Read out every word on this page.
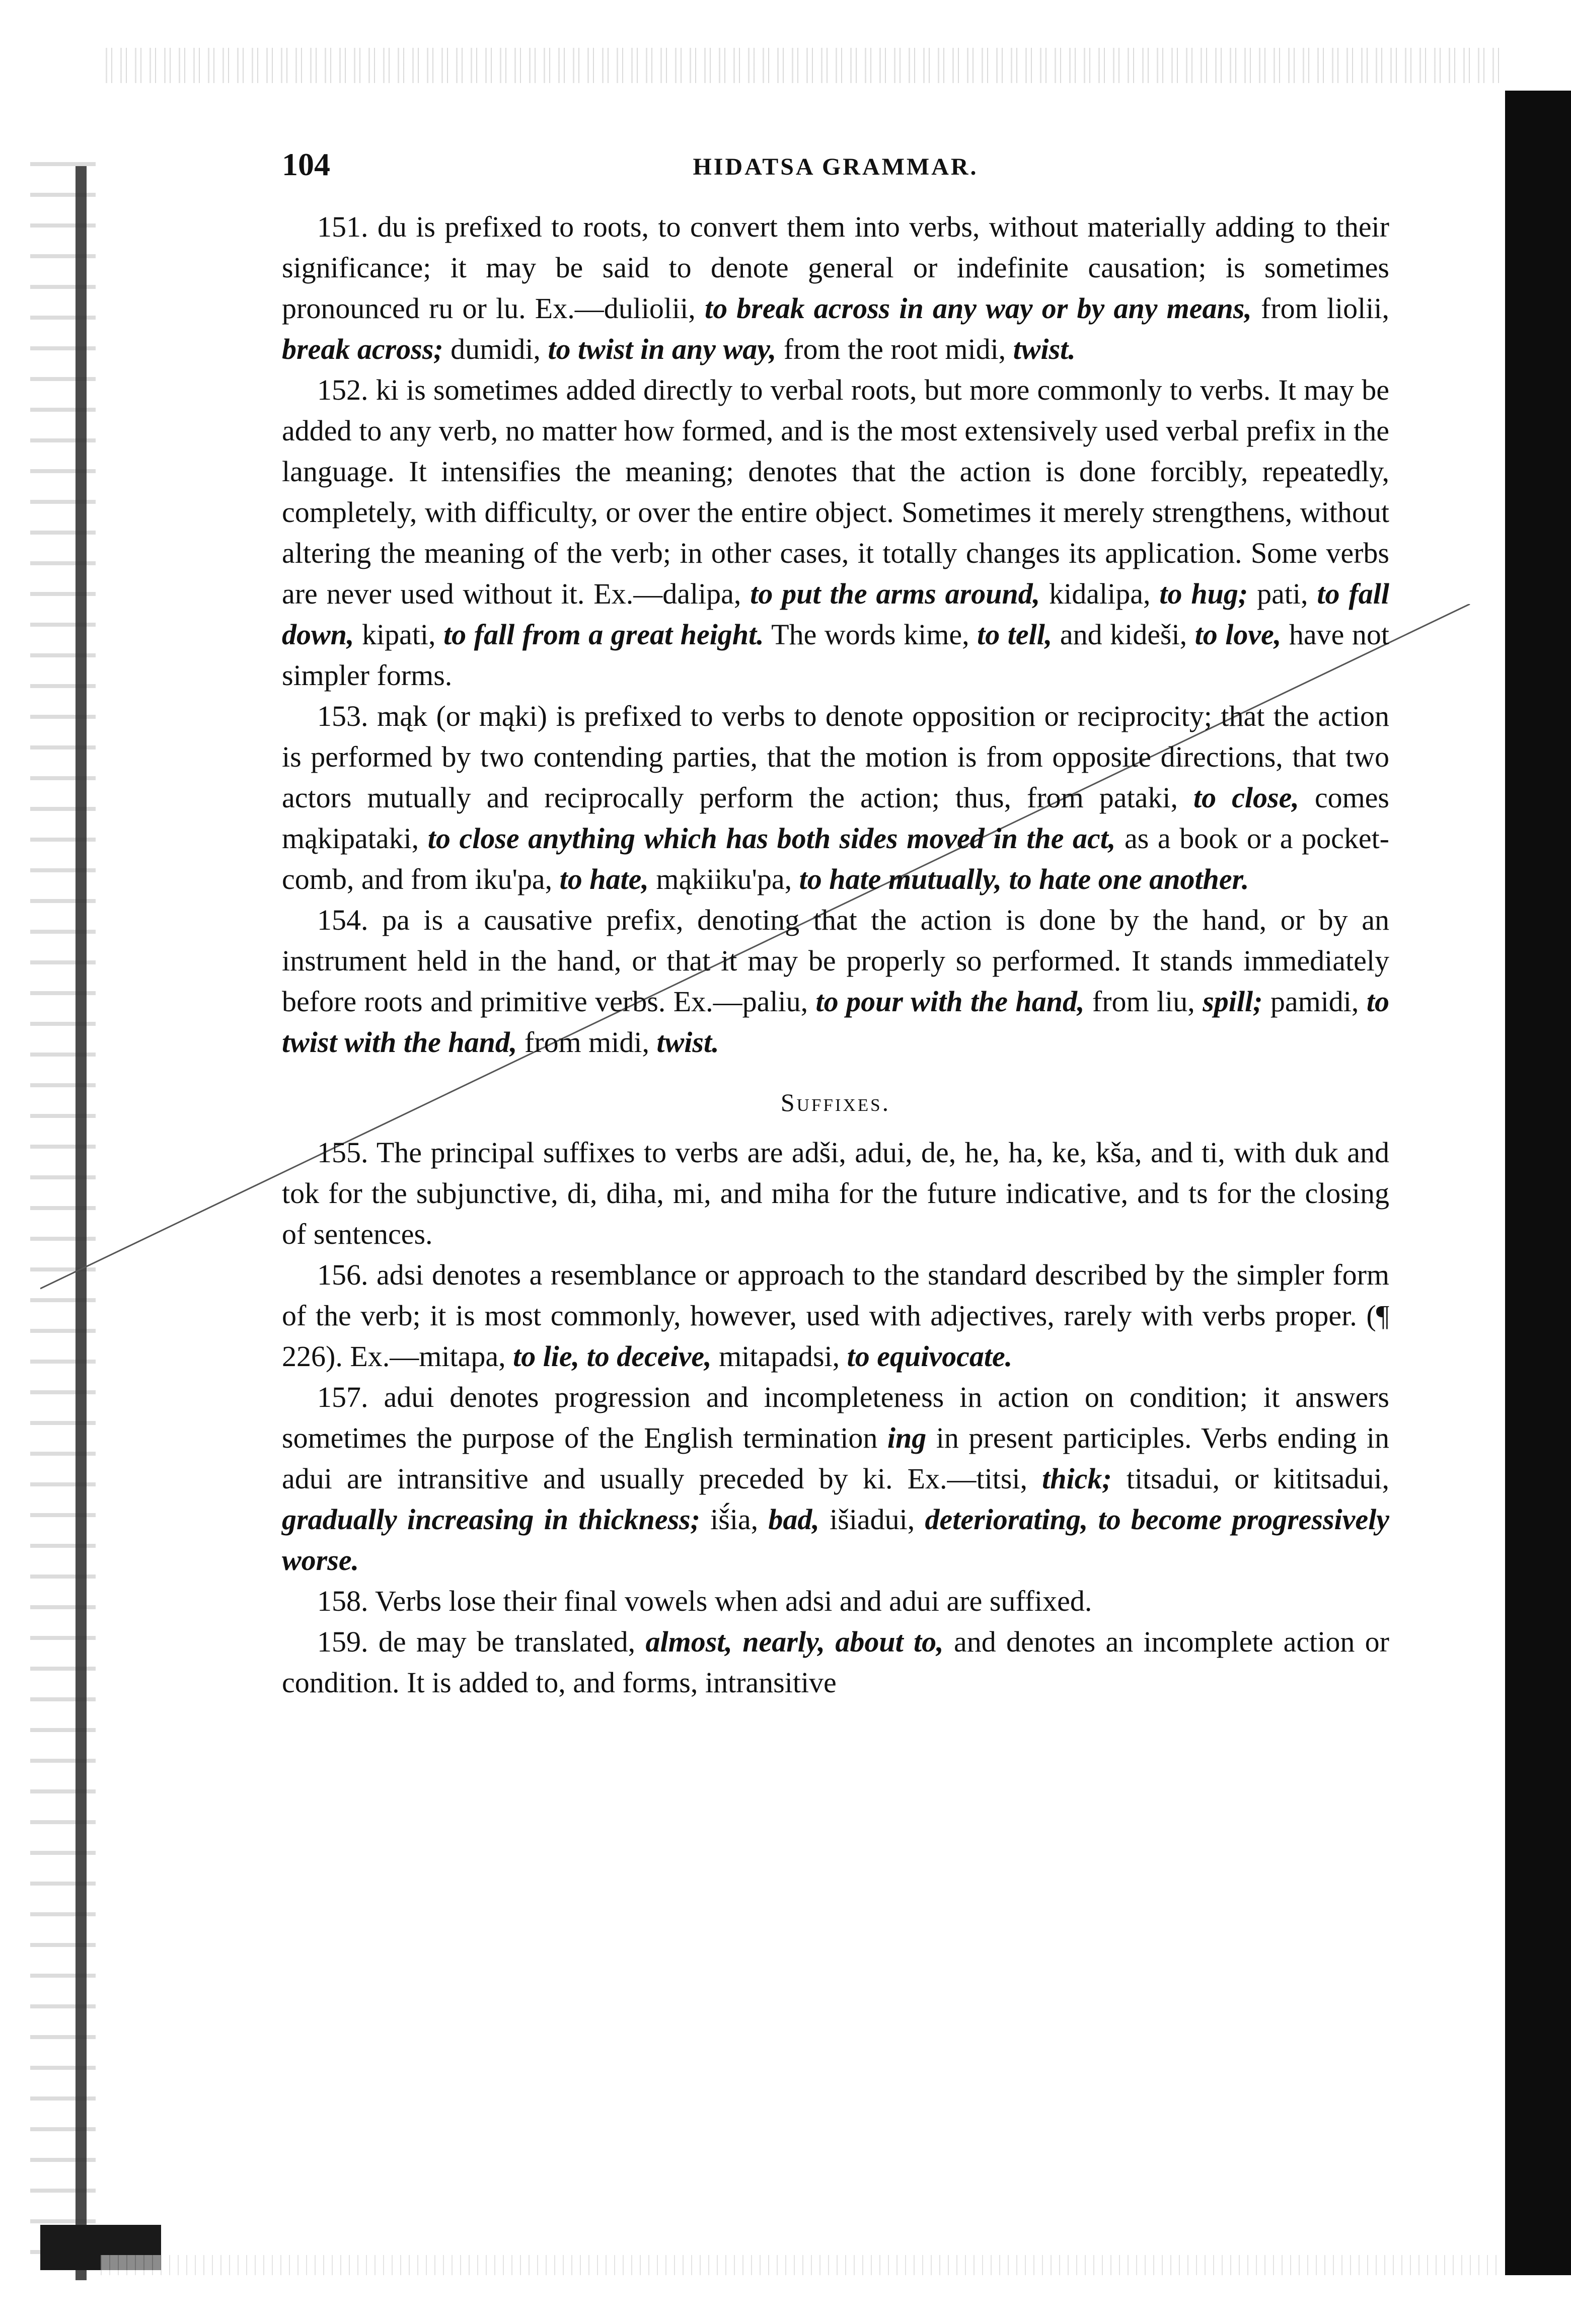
104	HIDATSA GRAMMAR.

151. du is prefixed to roots, to convert them into verbs, without materially adding to their significance; it may be said to denote general or indefinite causation; is sometimes pronounced ru or lu. Ex.—duliolii, to break across in any way or by any means, from liolii, break across; dumidi, to twist in any way, from the root midi, twist.

152. ki is sometimes added directly to verbal roots, but more commonly to verbs. It may be added to any verb, no matter how formed, and is the most extensively used verbal prefix in the language. It intensifies the meaning; denotes that the action is done forcibly, repeatedly, completely, with difficulty, or over the entire object. Sometimes it merely strengthens, without altering the meaning of the verb; in other cases, it totally changes its application. Some verbs are never used without it. Ex.—dalipa, to put the arms around, kidalipa, to hug; pati, to fall down, kipati, to fall from a great height. The words kime, to tell, and kideši, to love, have not simpler forms.

153. mąk (or mąki) is prefixed to verbs to denote opposition or reciprocity; that the action is performed by two contending parties, that the motion is from opposite directions, that two actors mutually and reciprocally perform the action; thus, from pataki, to close, comes mąkipataki, to close anything which has both sides moved in the act, as a book or a pocket-comb, and from iku'pa, to hate, mąkiiku'pa, to hate mutually, to hate one another.

154. pa is a causative prefix, denoting that the action is done by the hand, or by an instrument held in the hand, or that it may be properly so performed. It stands immediately before roots and primitive verbs. Ex.—paliu, to pour with the hand, from liu, spill; pamidi, to twist with the hand, from midi, twist.

Suffixes.

155. The principal suffixes to verbs are adši, adui, de, he, ha, ke, kša, and ti, with duk and tok for the subjunctive, di, diha, mi, and miha for the future indicative, and ts for the closing of sentences.

156. adsi denotes a resemblance or approach to the standard described by the simpler form of the verb; it is most commonly, however, used with adjectives, rarely with verbs proper. (¶ 226). Ex.—mitapa, to lie, to deceive, mitapadsi, to equivocate.

157. adui denotes progression and incompleteness in action on condition; it answers sometimes the purpose of the English termination ing in present participles. Verbs ending in adui are intransitive and usually preceded by ki. Ex.—titsi, thick; titsadui, or kititsadui, gradually increasing in thickness; iš́ia, bad, išiadui, deteriorating, to become progressively worse.

158. Verbs lose their final vowels when adsi and adui are suffixed.

159. de may be translated, almost, nearly, about to, and denotes an incomplete action or condition. It is added to, and forms, intransitive
